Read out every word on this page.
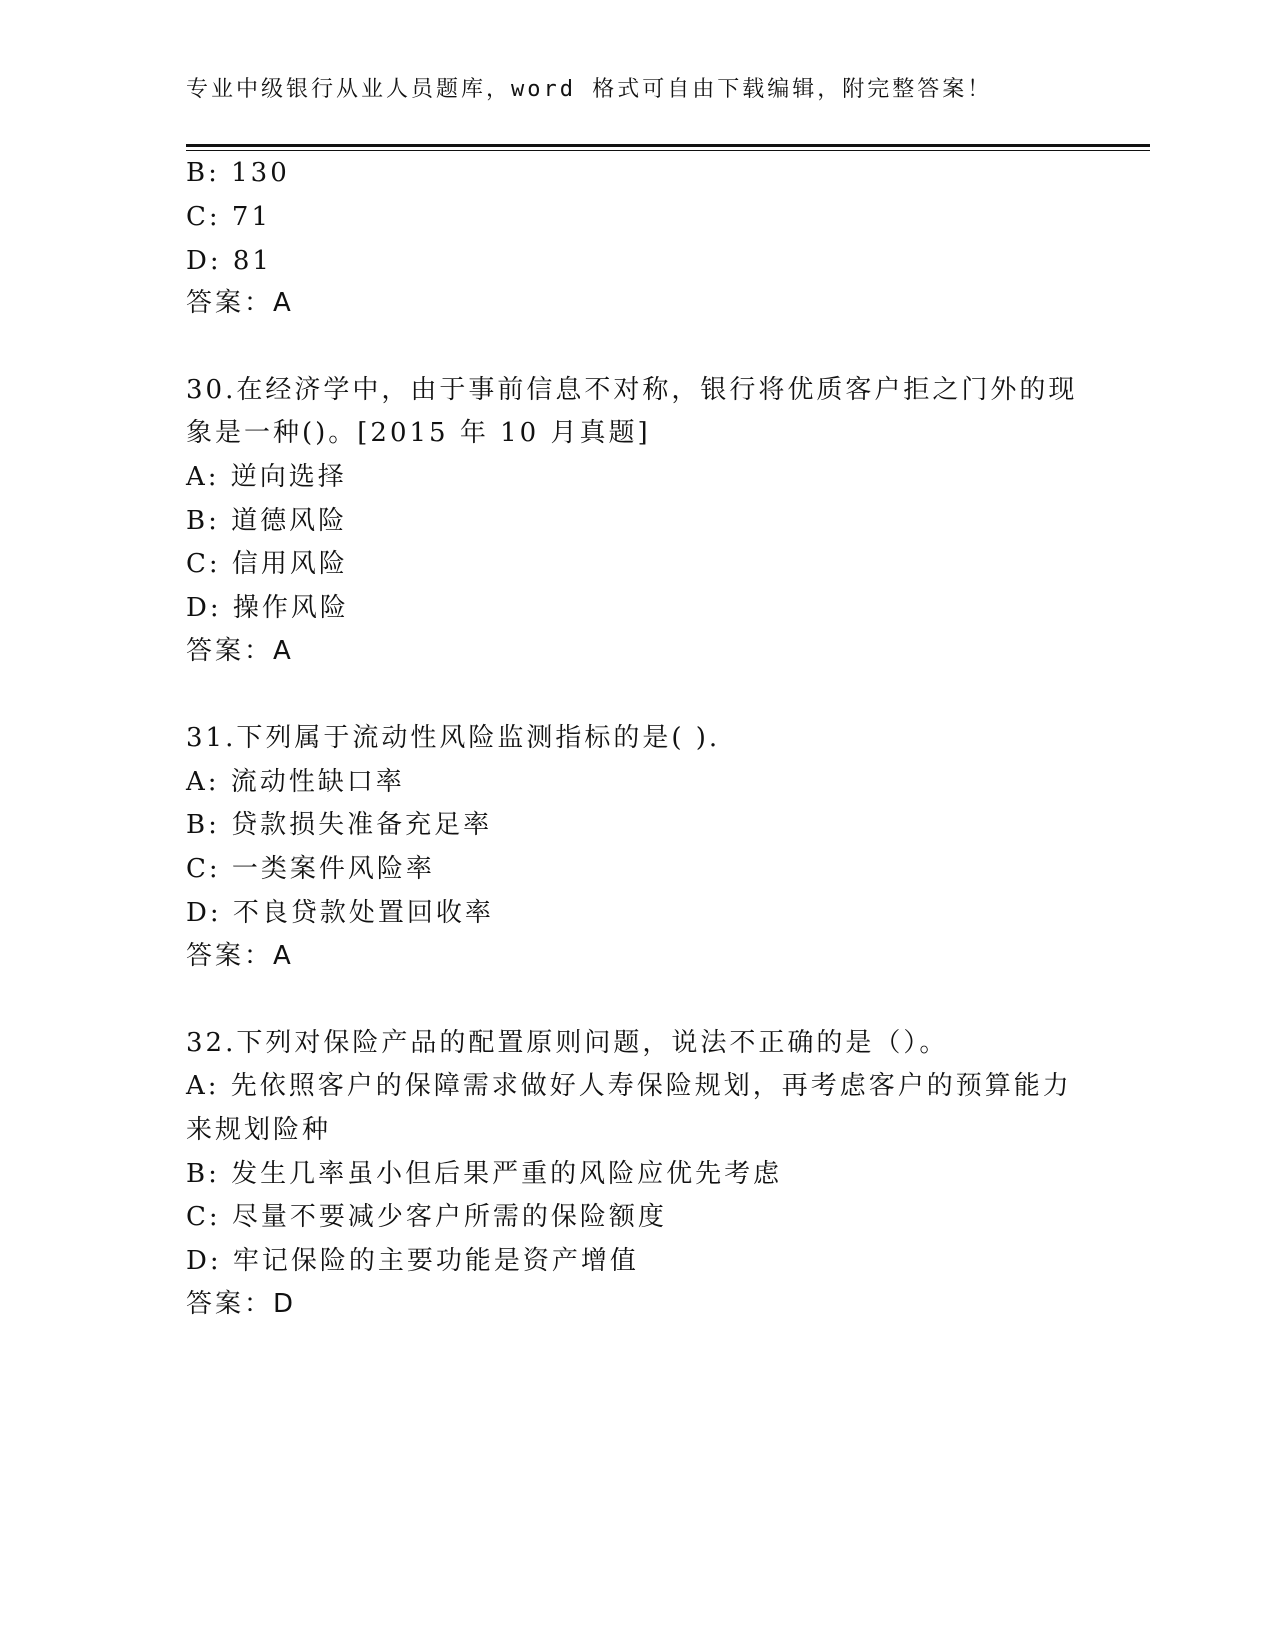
专业中级银行从业人员题库，word 格式可自由下载编辑，附完整答案！
B: 130
C: 71
D: 81
答案：A
30.在经济学中，由于事前信息不对称，银行将优质客户拒之门外的现
象是一种()。[2015 年 10 月真题]
A: 逆向选择
B: 道德风险
C: 信用风险
D: 操作风险
答案：A
31.下列属于流动性风险监测指标的是( ).
A: 流动性缺口率
B: 贷款损失准备充足率
C: 一类案件风险率
D: 不良贷款处置回收率
答案：A
32.下列对保险产品的配置原则问题，说法不正确的是（）。
A: 先依照客户的保障需求做好人寿保险规划，再考虑客户的预算能力
来规划险种
B: 发生几率虽小但后果严重的风险应优先考虑
C: 尽量不要减少客户所需的保险额度
D: 牢记保险的主要功能是资产增值
答案：D
